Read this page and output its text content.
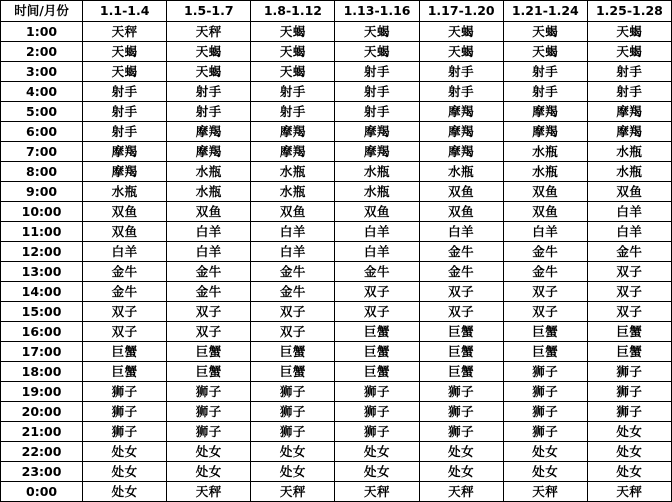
时间/月份	1.1-1.4	1.5-1.7	1.8-1.12	1.13-1.16	1.17-1.20	1.21-1.24	1.25-1.28
1:00	天秤	天秤	天蝎	天蝎	天蝎	天蝎	天蝎
2:00	天蝎	天蝎	天蝎	天蝎	天蝎	天蝎	天蝎
3:00	天蝎	天蝎	天蝎	射手	射手	射手	射手
4:00	射手	射手	射手	射手	射手	射手	射手
5:00	射手	射手	射手	射手	摩羯	摩羯	摩羯
6:00	射手	摩羯	摩羯	摩羯	摩羯	摩羯	摩羯
7:00	摩羯	摩羯	摩羯	摩羯	摩羯	水瓶	水瓶
8:00	摩羯	水瓶	水瓶	水瓶	水瓶	水瓶	水瓶
9:00	水瓶	水瓶	水瓶	水瓶	双鱼	双鱼	双鱼
10:00	双鱼	双鱼	双鱼	双鱼	双鱼	双鱼	白羊
11:00	双鱼	白羊	白羊	白羊	白羊	白羊	白羊
12:00	白羊	白羊	白羊	白羊	金牛	金牛	金牛
13:00	金牛	金牛	金牛	金牛	金牛	金牛	双子
14:00	金牛	金牛	金牛	双子	双子	双子	双子
15:00	双子	双子	双子	双子	双子	双子	双子
16:00	双子	双子	双子	巨蟹	巨蟹	巨蟹	巨蟹
17:00	巨蟹	巨蟹	巨蟹	巨蟹	巨蟹	巨蟹	巨蟹
18:00	巨蟹	巨蟹	巨蟹	巨蟹	巨蟹	狮子	狮子
19:00	狮子	狮子	狮子	狮子	狮子	狮子	狮子
20:00	狮子	狮子	狮子	狮子	狮子	狮子	狮子
21:00	狮子	狮子	狮子	狮子	狮子	狮子	处女
22:00	处女	处女	处女	处女	处女	处女	处女
23:00	处女	处女	处女	处女	处女	处女	处女
0:00	处女	天秤	天秤	天秤	天秤	天秤	天秤
